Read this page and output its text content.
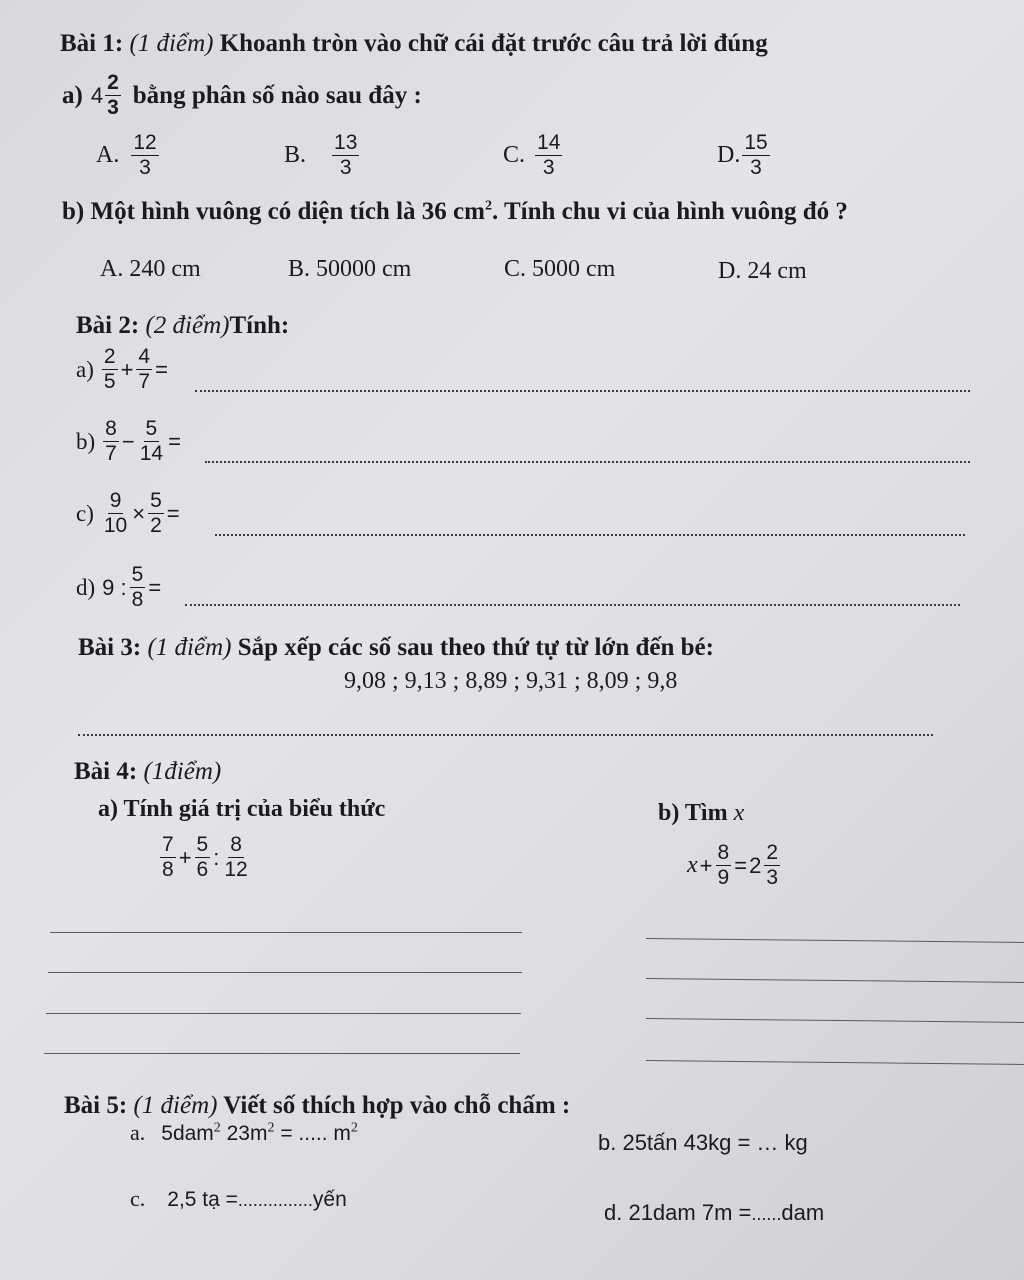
Bài 1: (1 điểm) Khoanh tròn vào chữ cái đặt trước câu trả lời đúng
a) $4 \frac{2}{3}$ bằng phân số nào sau đây :
A. $\frac{12}{3}$	B. $\frac{13}{3}$	C. $\frac{14}{3}$	D. $\frac{15}{3}$
b) Một hình vuông có diện tích là 36 $cm^2$. Tính chu vi của hình vuông đó ?
A. 240 cm	B. 50000 cm	C. 5000 cm	D. 24 cm
Bài 2: (2 điểm)Tính:
$a) \frac{2}{5} + \frac{4}{7}$ =
$b) \frac{8}{7} - \frac{5}{14}$ =
$c) \frac{9}{10} \times \frac{5}{2}$ =
d) 9 : $\frac{5}{8}$ =
Bài 3: (1 điểm) Sắp xếp các số sau theo thứ tự từ lớn đến bé:
9,08 ; 9,13 ; 8,89 ; 9,31 ; 8,09 ; 9,8
Bài 4: (1điểm)
a) Tính giá trị của biểu thức	b) Tìm x
$\frac{7}{8} + \frac{5}{6}$ : $\frac{8}{12}$	$x + \frac{8}{9} = 2 \frac{2}{3}$
Bài 5: (1 điểm) Viết số thích hợp vào chỗ chấm :
a. 5dam$^2$ $23m^2$ = ..... $m^2$
b. 25tấn 43kg = … kg
c. 2,5 tạ =...............yến
d. 21dam 7m =......dam
